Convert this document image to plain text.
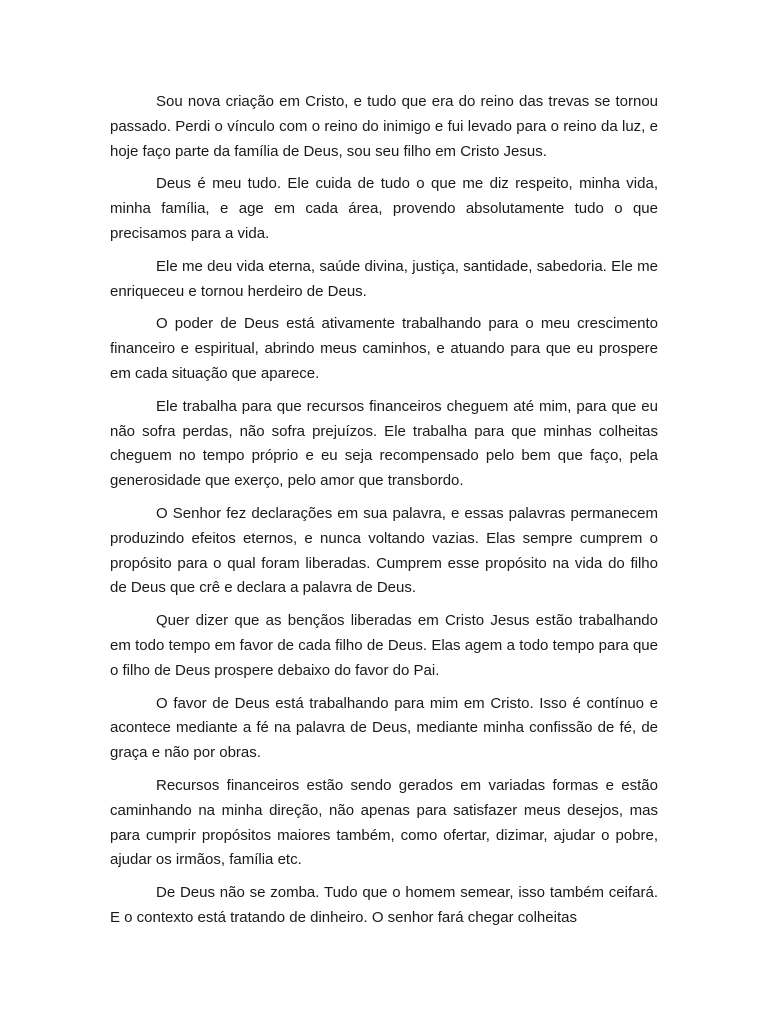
Sou nova criação em Cristo, e tudo que era do reino das trevas se tornou passado. Perdi o vínculo com o reino do inimigo e fui levado para o reino da luz, e hoje faço parte da família de Deus, sou seu filho em Cristo Jesus.

Deus é meu tudo. Ele cuida de tudo o que me diz respeito, minha vida, minha família, e age em cada área, provendo absolutamente tudo o que precisamos para a vida.

Ele me deu vida eterna, saúde divina, justiça, santidade, sabedoria. Ele me enriqueceu e tornou herdeiro de Deus.

O poder de Deus está ativamente trabalhando para o meu crescimento financeiro e espiritual, abrindo meus caminhos, e atuando para que eu prospere em cada situação que aparece.

Ele trabalha para que recursos financeiros cheguem até mim, para que eu não sofra perdas, não sofra prejuízos. Ele trabalha para que minhas colheitas cheguem no tempo próprio e eu seja recompensado pelo bem que faço, pela generosidade que exerço, pelo amor que transbordo.

O Senhor fez declarações em sua palavra, e essas palavras permanecem produzindo efeitos eternos, e nunca voltando vazias. Elas sempre cumprem o propósito para o qual foram liberadas. Cumprem esse propósito na vida do filho de Deus que crê e declara a palavra de Deus.

Quer dizer que as bençãos liberadas em Cristo Jesus estão trabalhando em todo tempo em favor de cada filho de Deus. Elas agem a todo tempo para que o filho de Deus prospere debaixo do favor do Pai.

O favor de Deus está trabalhando para mim em Cristo. Isso é contínuo e acontece mediante a fé na palavra de Deus, mediante minha confissão de fé, de graça e não por obras.

Recursos financeiros estão sendo gerados em variadas formas e estão caminhando na minha direção, não apenas para satisfazer meus desejos, mas para cumprir propósitos maiores também, como ofertar, dizimar, ajudar o pobre, ajudar os irmãos, família etc.

De Deus não se zomba. Tudo que o homem semear, isso também ceifará. E o contexto está tratando de dinheiro. O senhor fará chegar colheitas
